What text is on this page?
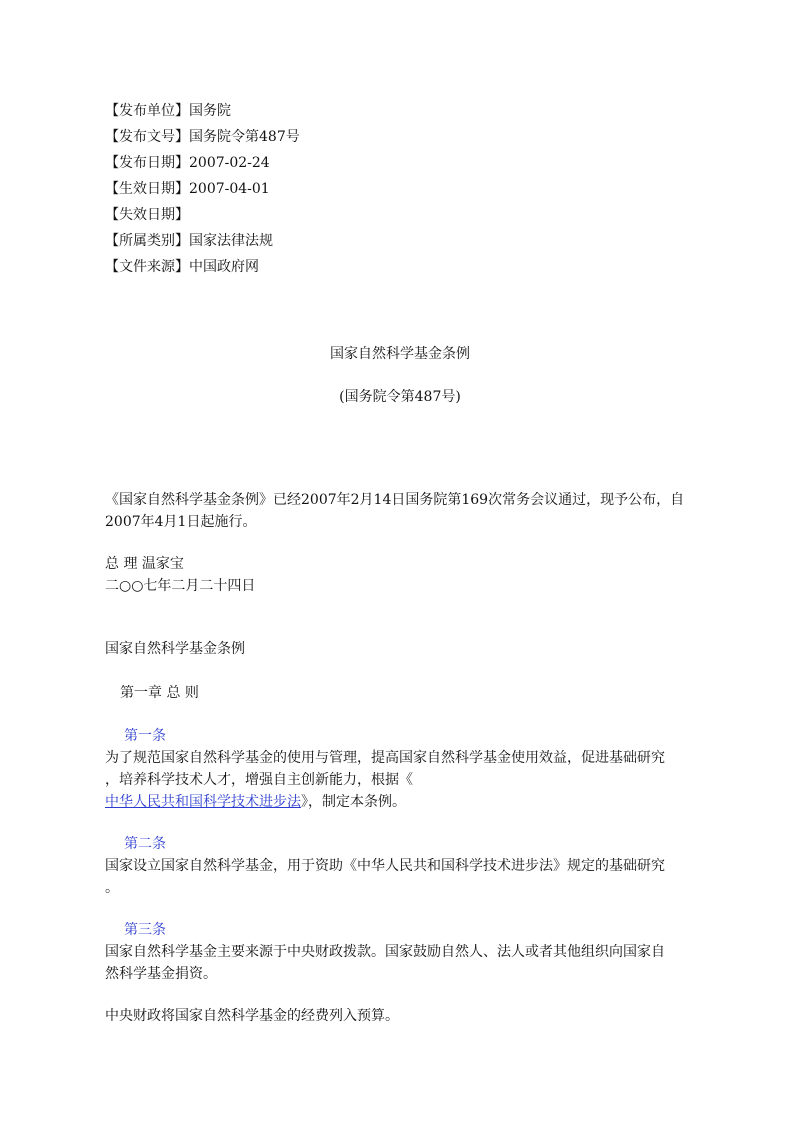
【发布单位】国务院
【发布文号】国务院令第487号
【发布日期】2007-02-24
【生效日期】2007-04-01
【失效日期】
【所属类别】国家法律法规
【文件来源】中国政府网
国家自然科学基金条例
(国务院令第487号)
《国家自然科学基金条例》已经2007年2月14日国务院第169次常务会议通过，现予公布，自2007年4月1日起施行。
总 理 温家宝
二○○七年二月二十四日
国家自然科学基金条例
第一章 总 则
第一条
为了规范国家自然科学基金的使用与管理，提高国家自然科学基金使用效益，促进基础研究
，培养科学技术人才，增强自主创新能力，根据《
中华人民共和国科学技术进步法》，制定本条例。
第二条
国家设立国家自然科学基金，用于资助《中华人民共和国科学技术进步法》规定的基础研究
。
第三条
国家自然科学基金主要来源于中央财政拨款。国家鼓励自然人、法人或者其他组织向国家自
然科学基金捐资。
中央财政将国家自然科学基金的经费列入预算。
